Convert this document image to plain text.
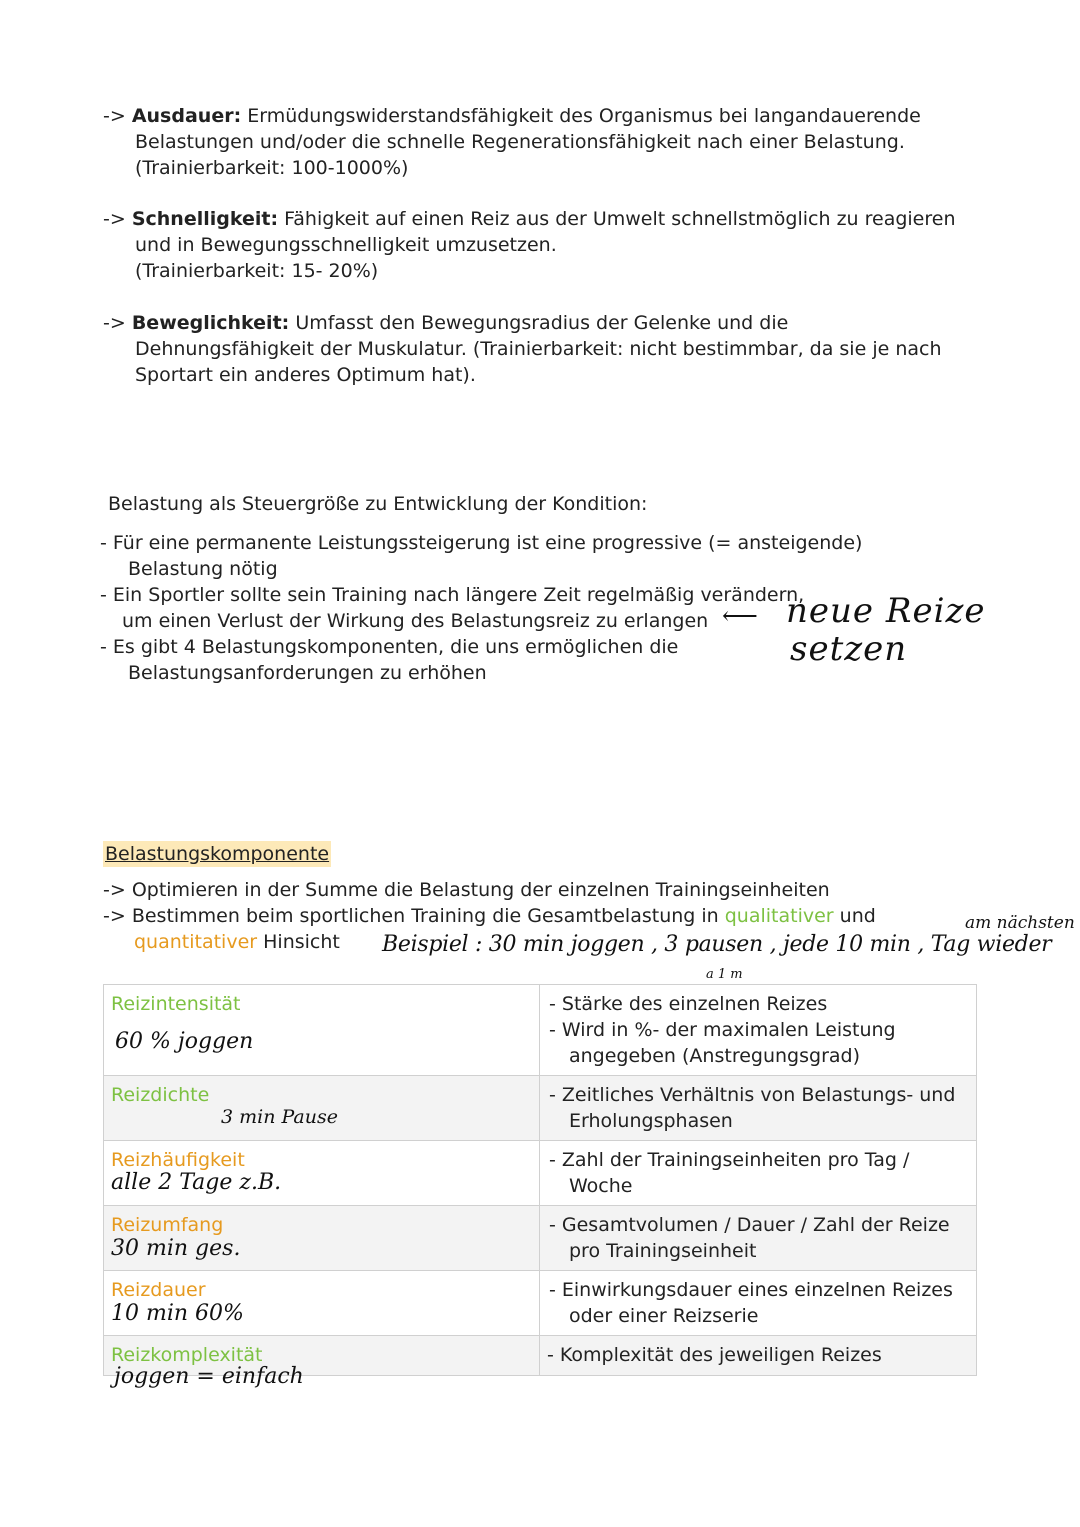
-> Ausdauer: Ermüdungswiderstandsfähigkeit des Organismus bei langandauerende
Belastungen und/oder die schnelle Regenerationsfähigkeit nach einer Belastung.
(Trainierbarkeit: 100-1000%)
-> Schnelligkeit: Fähigkeit auf einen Reiz aus der Umwelt schnellstmöglich zu reagieren
und in Bewegungsschnelligkeit umzusetzen.
(Trainierbarkeit: 15- 20%)
-> Beweglichkeit: Umfasst den Bewegungsradius der Gelenke und die
Dehnungsfähigkeit der Muskulatur. (Trainierbarkeit: nicht bestimmbar, da sie je nach
Sportart ein anderes Optimum hat).
Belastung als Steuergröße zu Entwicklung der Kondition:
- Für eine permanente Leistungssteigerung ist eine progressive (= ansteigende)
Belastung nötig
- Ein Sportler sollte sein Training nach längere Zeit regelmäßig verändern,
um einen Verlust der Wirkung des Belastungsreiz zu erlangen
- Es gibt 4 Belastungskomponenten, die uns ermöglichen die
Belastungsanforderungen zu erhöhen
⟵ neue Reize
setzen
Belastungskomponente
-> Optimieren in der Summe die Belastung der einzelnen Trainingseinheiten
-> Bestimmen beim sportlichen Training die Gesamtbelastung in qualitativer und
quantitativer Hinsicht
am nächsten
Beispiel : 30 min joggen , 3 pausen , jede 10 min , Tag wieder
a 1 m
Reizintensität
60 % joggen	- Stärke des einzelnen Reizes
- Wird in %- der maximalen Leistung angegeben (Anstregungsgrad)

Reizdichte
3 min Pause	- Zeitliches Verhältnis von Belastungs- und Erholungsphasen

Reizhäufigkeit
alle 2 Tage z.B.	- Zahl der Trainingseinheiten pro Tag / Woche

Reizumfang
30 min ges.	- Gesamtvolumen / Dauer / Zahl der Reize pro Trainingseinheit

Reizdauer
10 min 60%	- Einwirkungsdauer eines einzelnen Reizes oder einer Reizserie

Reizkomplexität
joggen = einfach	- Komplexität des jeweiligen Reizes
